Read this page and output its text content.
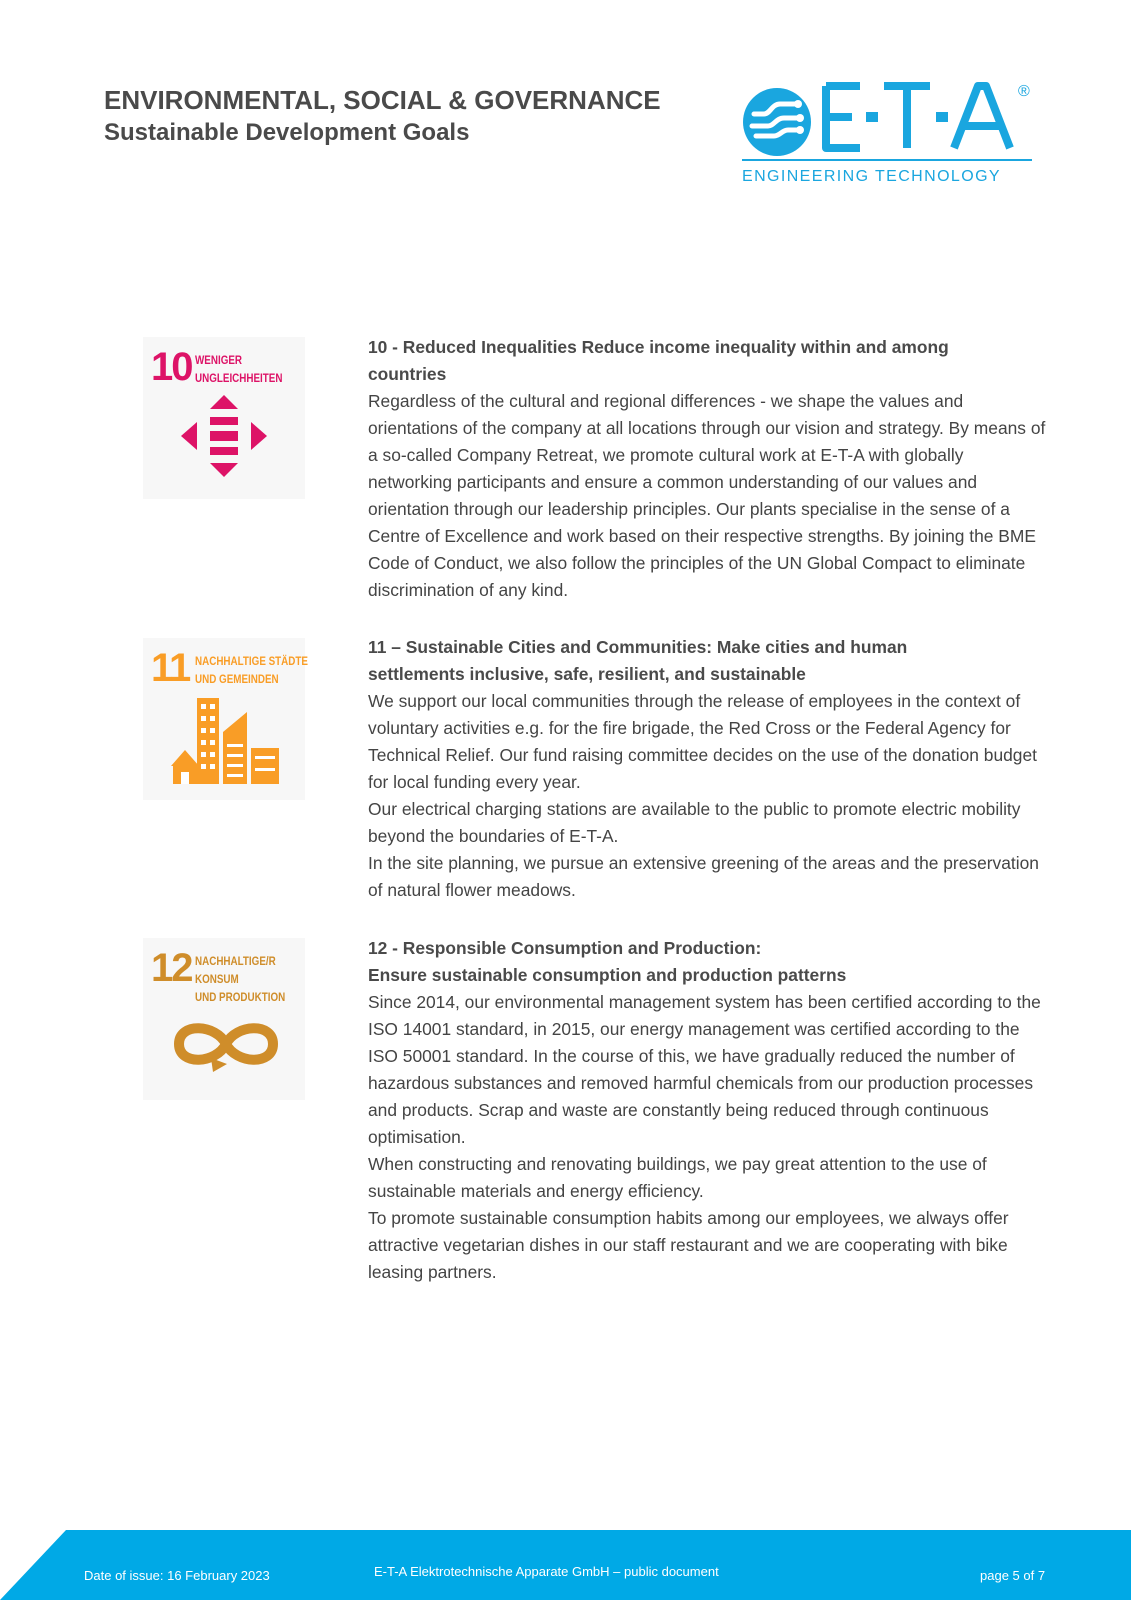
ENVIRONMENTAL, SOCIAL & GOVERNANCE
Sustainable Development Goals
®
ENGINEERING TECHNOLOGY
10 WENIGER
UNGLEICHHEITEN
11 NACHHALTIGE STÄDTE
UND GEMEINDEN
12 NACHHALTIGE/R
KONSUM
UND PRODUKTION
10 - Reduced Inequalities Reduce income inequality within and among
countries

Regardless of the cultural and regional differences - we shape the values and orientations of the company at all locations through our vision and strategy. By means of a so-called Company Retreat, we promote cultural work at E-T-A with globally networking participants and ensure a common understanding of our values and orientation through our leadership principles. Our plants specialise in the sense of a Centre of Excellence and work based on their respective strengths. By joining the BME Code of Conduct, we also follow the principles of the UN Global Compact to eliminate discrimination of any kind.

11 – Sustainable Cities and Communities: Make cities and human
settlements inclusive, safe, resilient, and sustainable

We support our local communities through the release of employees in the context of voluntary activities e.g. for the fire brigade, the Red Cross or the Federal Agency for Technical Relief. Our fund raising committee decides on the use of the donation budget for local funding every year.

Our electrical charging stations are available to the public to promote electric mobility beyond the boundaries of E-T-A.

In the site planning, we pursue an extensive greening of the areas and the preservation of natural flower meadows.

12 - Responsible Consumption and Production:
Ensure sustainable consumption and production patterns

Since 2014, our environmental management system has been certified according to the ISO 14001 standard, in 2015, our energy management was certified according to the ISO 50001 standard. In the course of this, we have gradually reduced the number of hazardous substances and removed harmful chemicals from our production processes and products. Scrap and waste are constantly being reduced through continuous optimisation.

When constructing and renovating buildings, we pay great attention to the use of sustainable materials and energy efficiency.

To promote sustainable consumption habits among our employees, we always offer attractive vegetarian dishes in our staff restaurant and we are cooperating with bike leasing partners.

Date of issue: 16 February 2023	E-T-A Elektrotechnische Apparate GmbH – public document	page 5 of 7
